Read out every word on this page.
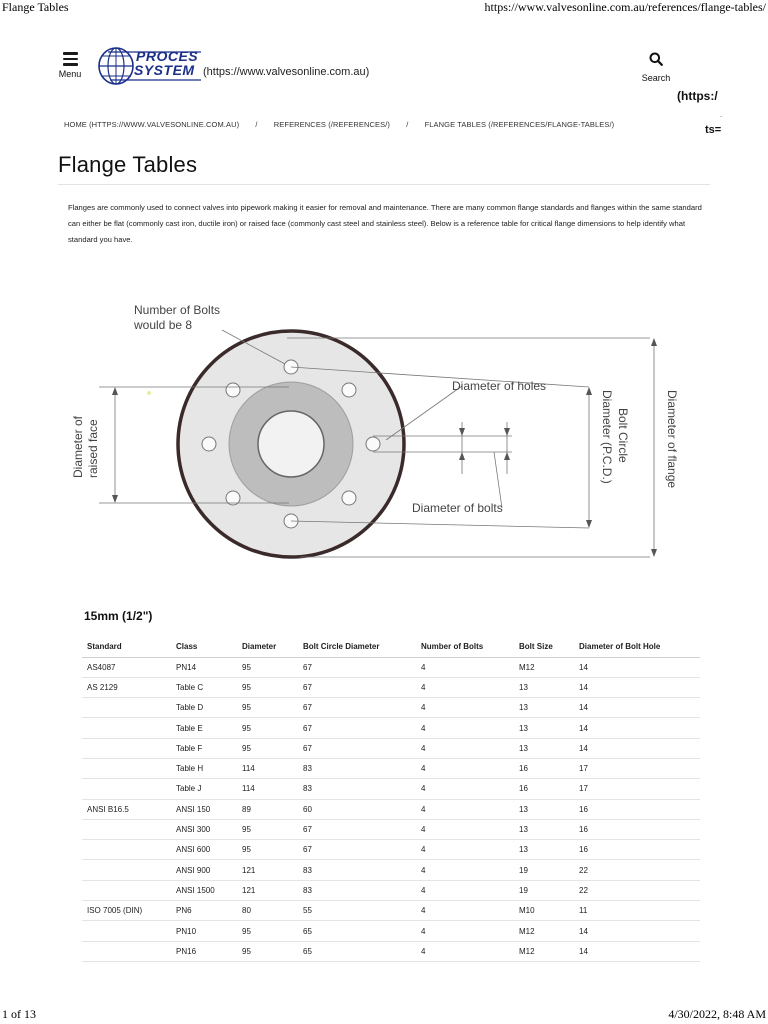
Flange Tables	https://www.valvesonline.com.au/references/flange-tables/
Menu
PROCES
SYSTEM (https://www.valvesonline.com.au)	Search
(https:/
.
ts=
HOME (HTTPS://WWW.VALVESONLINE.COM.AU) / REFERENCES (/REFERENCES/) / FLANGE TABLES (/REFERENCES/FLANGE-TABLES/)
Flange Tables

Flanges are commonly used to connect valves into pipework making it easier for removal and maintenance. There are many common flange standards and flanges within the same standard can either be flat (commonly cast iron, ductile iron) or raised face (commonly cast steel and stainless steel). Below is a reference table for critical flange dimensions to help identify what standard you have.

Number of Bolts
would be 8
Diameter of holes
Diameter of bolts
Bolt Circle
Diameter (P.C.D.)	Diameter of flange
Diameter of raised face
15mm (1/2")
Standard	Class	Diameter	Bolt Circle Diameter	Number of Bolts	Bolt Size	Diameter of Bolt Hole
AS4087	PN14	95	67	4	M12	14
AS 2129	Table C	95	67	4	13	14
	Table D	95	67	4	13	14
	Table E	95	67	4	13	14
	Table F	95	67	4	13	14
	Table H	114	83	4	16	17
	Table J	114	83	4	16	17
ANSI B16.5	ANSI 150	89	60	4	13	16
	ANSI 300	95	67	4	13	16
	ANSI 600	95	67	4	13	16
	ANSI 900	121	83	4	19	22
	ANSI 1500	121	83	4	19	22
ISO 7005 (DIN)	PN6	80	55	4	M10	11
	PN10	95	65	4	M12	14
	PN16	95	65	4	M12	14
1 of 13	4/30/2022, 8:48 AM
